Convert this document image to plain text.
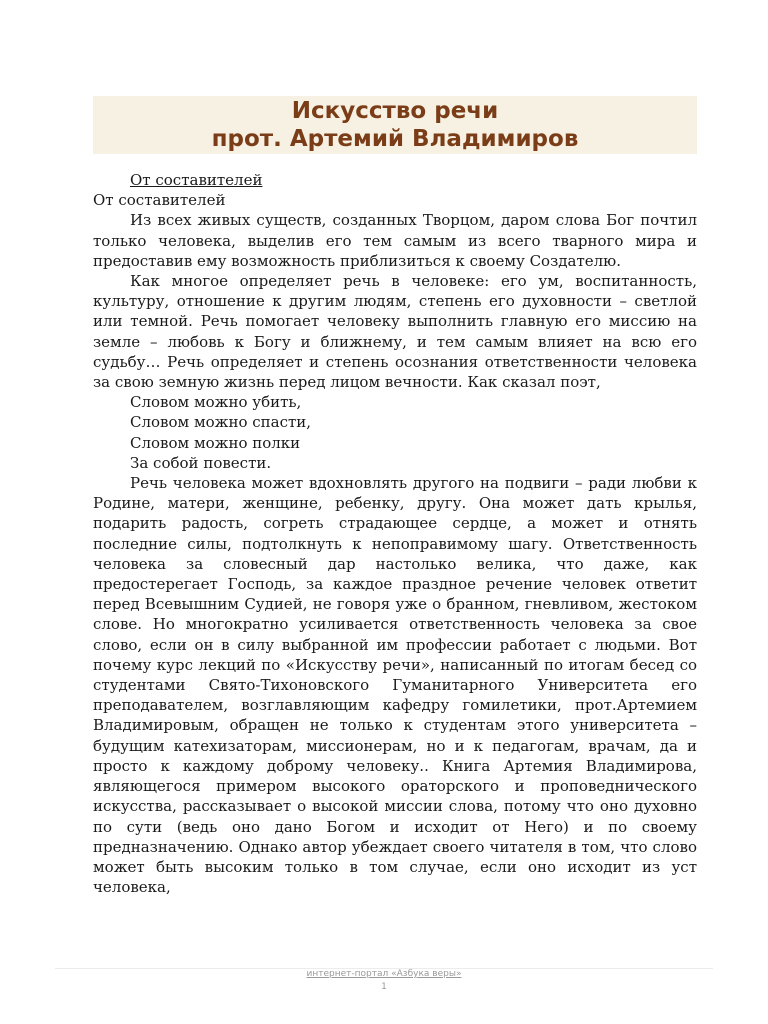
Искусство речи
прот. Артемий Владимиров

От составителей

От составителей

Из всех живых существ, созданных Творцом, даром слова Бог почтил только человека, выделив его тем самым из всего тварного мира и предоставив ему возможность приблизиться к своему Создателю.

Как многое определяет речь в человеке: его ум, воспитанность, культуру, отношение к другим людям, степень его духовности – светлой или темной. Речь помогает человеку выполнить главную его миссию на земле – любовь к Богу и ближнему, и тем самым влияет на всю его судьбу… Речь определяет и степень осознания ответственности человека за свою земную жизнь перед лицом вечности. Как сказал поэт,

Словом можно убить,

Словом можно спасти,

Словом можно полки

За собой повести.

Речь человека может вдохновлять другого на подвиги – ради любви к Родине, матери, женщине, ребенку, другу. Она может дать крылья, подарить радость, согреть страдающее сердце, а может и отнять последние силы, подтолкнуть к непоправимому шагу. Ответственность человека за словесный дар настолько велика, что даже, как предостерегает Господь, за каждое праздное речение человек ответит перед Всевышним Судией, не говоря уже о бранном, гневливом, жестоком слове. Но многократно усиливается ответственность человека за свое слово, если он в силу выбранной им профессии работает с людьми. Вот почему курс лекций по «Искусству речи», написанный по итогам бесед со студентами Свято-Тихоновского Гуманитарного Университета его преподавателем, возглавляющим кафедру гомилетики, прот.Артемием Владимировым, обращен не только к студентам этого университета – будущим катехизаторам, миссионерам, но и к педагогам, врачам, да и просто к каждому доброму человеку.. Книга Артемия Владимирова, являющегося примером высокого ораторского и проповеднического искусства, рассказывает о высокой миссии слова, потому что оно духовно по сути (ведь оно дано Богом и исходит от Него) и по своему предназначению. Однако автор убеждает своего читателя в том, что слово может быть высоким только в том случае, если оно исходит из уст человека,

интернет-портал «Азбука веры»
1
